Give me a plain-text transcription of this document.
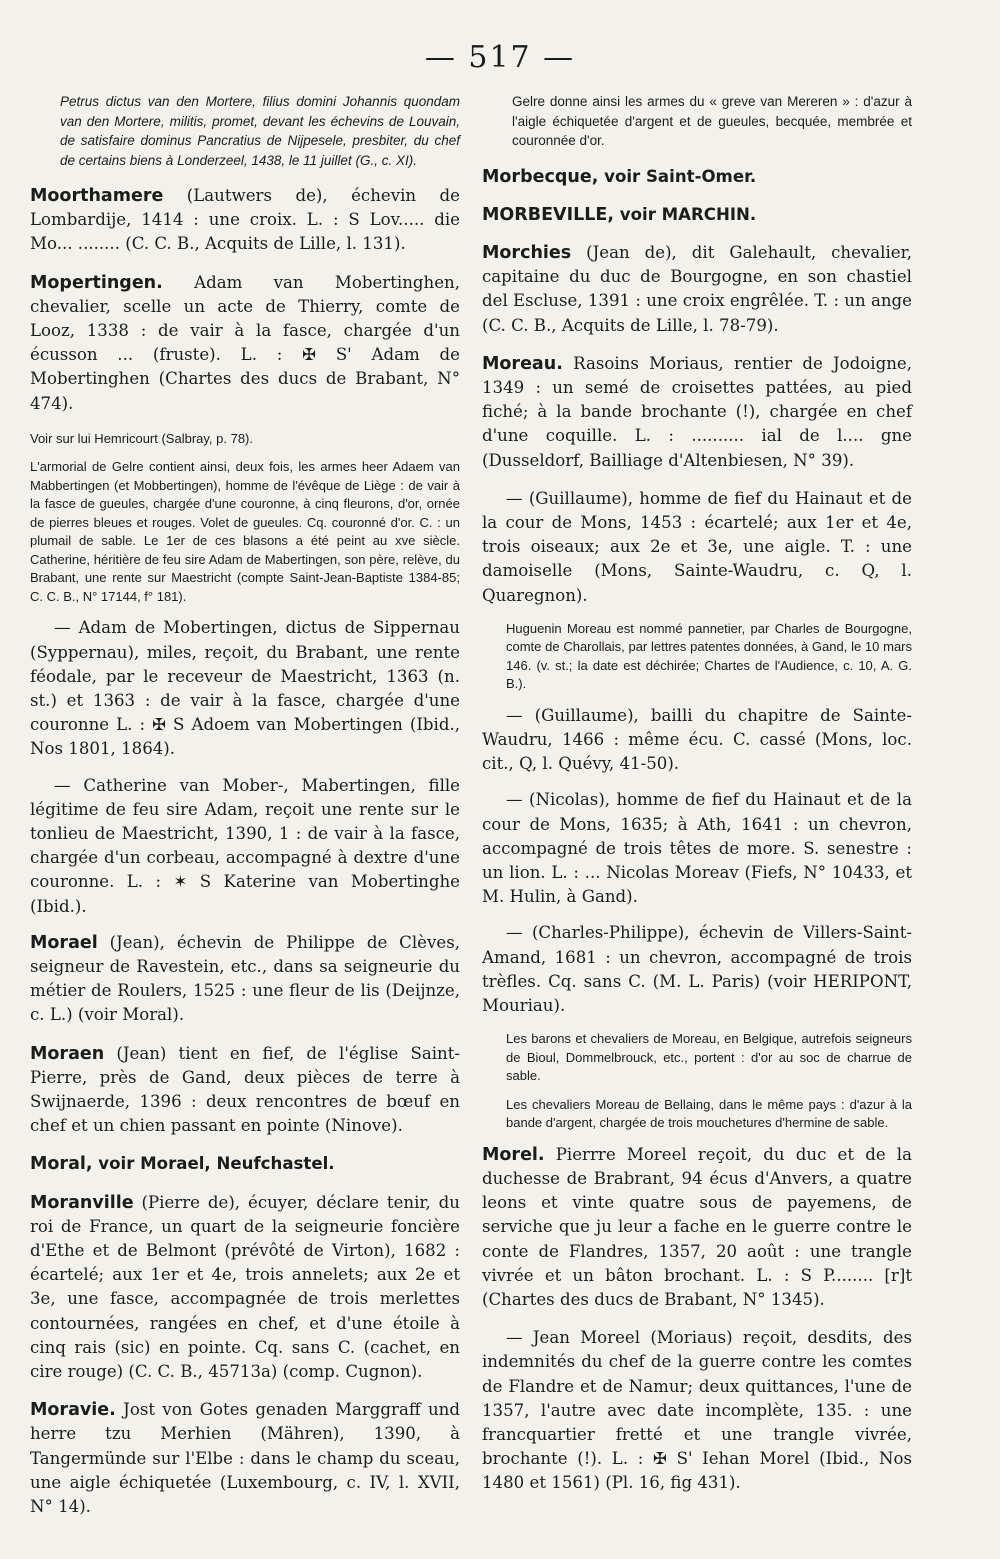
— 517 —
Petrus dictus van den Mortere, filius domini Johannis quondam van den Mortere, militis, promet, devant les échevins de Louvain, de satisfaire dominus Pancratius de Nijpesele, presbiter, du chef de certains biens à Londerzeel, 1438, le 11 juillet (G., c. XI).
Moorthamere (Lautwers de), échevin de Lombardije, 1414 : une croix. L. : S Lov..... die Mo... ........ (C. C. B., Acquits de Lille, l. 131).
Mopertingen. Adam van Mobertinghen, chevalier, scelle un acte de Thierry, comte de Looz, 1338 : de vair à la fasce, chargée d'un écusson ... (fruste). L. : ✠ S' Adam de Mobertinghen (Chartes des ducs de Brabant, N° 474).
Voir sur lui Hemricourt (Salbray, p. 78).
L'armorial de Gelre contient ainsi, deux fois, les armes heer Adaem van Mabbertingen (et Mobbertingen), homme de l'évêque de Liège : de vair à la fasce de gueules, chargée d'une couronne, à cinq fleurons, d'or, ornée de pierres bleues et rouges. Volet de gueules. Cq. couronné d'or. C. : un plumail de sable. Le 1er de ces blasons a été peint au xve siècle. Catherine, héritière de feu sire Adam de Mabertingen, son père, relève, du Brabant, une rente sur Maestricht (compte Saint-Jean-Baptiste 1384-85; C. C. B., N° 17144, f° 181).
— Adam de Mobertingen, dictus de Sippernau (Syppernau), miles, reçoit, du Brabant, une rente féodale, par le receveur de Maestricht, 1363 (n. st.) et 1363 : de vair à la fasce, chargée d'une couronne L. : ✠ S Adoem van Mobertingen (Ibid., Nos 1801, 1864).
— Catherine van Mober-, Mabertingen, fille légitime de feu sire Adam, reçoit une rente sur le tonlieu de Maestricht, 1390, 1 : de vair à la fasce, chargée d'un corbeau, accompagné à dextre d'une couronne. L. : ✶ S Katerine van Mobertinghe (Ibid.).
Morael (Jean), échevin de Philippe de Clèves, seigneur de Ravestein, etc., dans sa seigneurie du métier de Roulers, 1525 : une fleur de lis (Deijnze, c. L.) (voir Moral).
Moraen (Jean) tient en fief, de l'église Saint-Pierre, près de Gand, deux pièces de terre à Swijnaerde, 1396 : deux rencontres de bœuf en chef et un chien passant en pointe (Ninove).
Moral, voir Morael, Neufchastel.
Moranville (Pierre de), écuyer, déclare tenir, du roi de France, un quart de la seigneurie foncière d'Ethe et de Belmont (prévôté de Virton), 1682 : écartelé; aux 1er et 4e, trois annelets; aux 2e et 3e, une fasce, accompagnée de trois merlettes contournées, rangées en chef, et d'une étoile à cinq rais (sic) en pointe. Cq. sans C. (cachet, en cire rouge) (C. C. B., 45713a) (comp. Cugnon).
Moravie. Jost von Gotes genaden Marggraff und herre tzu Merhien (Mähren), 1390, à Tangermünde sur l'Elbe : dans le champ du sceau, une aigle échiquetée (Luxembourg, c. IV, l. XVII, N° 14).
Gelre donne ainsi les armes du « greve van Mereren » : d'azur à l'aigle échiquetée d'argent et de gueules, becquée, membrée et couronnée d'or.
Morbecque, voir Saint-Omer.
MORBEVILLE, voir MARCHIN.
Morchies (Jean de), dit Galehault, chevalier, capitaine du duc de Bourgogne, en son chastiel del Escluse, 1391 : une croix engrêlée. T. : un ange (C. C. B., Acquits de Lille, l. 78-79).
Moreau. Rasoins Moriaus, rentier de Jodoigne, 1349 : un semé de croisettes pattées, au pied fiché; à la bande brochante (!), chargée en chef d'une coquille. L. : .......... ial de l.... gne (Dusseldorf, Bailliage d'Altenbiesen, N° 39).
— (Guillaume), homme de fief du Hainaut et de la cour de Mons, 1453 : écartelé; aux 1er et 4e, trois oiseaux; aux 2e et 3e, une aigle. T. : une damoiselle (Mons, Sainte-Waudru, c. Q, l. Quaregnon).
Huguenin Moreau est nommé pannetier, par Charles de Bourgogne, comte de Charollais, par lettres patentes données, à Gand, le 10 mars 146. (v. st.; la date est déchirée; Chartes de l'Audience, c. 10, A. G. B.).
— (Guillaume), bailli du chapitre de Sainte-Waudru, 1466 : même écu. C. cassé (Mons, loc. cit., Q, l. Quévy, 41-50).
— (Nicolas), homme de fief du Hainaut et de la cour de Mons, 1635; à Ath, 1641 : un chevron, accompagné de trois têtes de more. S. senestre : un lion. L. : ... Nicolas Moreav (Fiefs, N° 10433, et M. Hulin, à Gand).
— (Charles-Philippe), échevin de Villers-Saint-Amand, 1681 : un chevron, accompagné de trois trèfles. Cq. sans C. (M. L. Paris) (voir HERIPONT, Mouriau).
Les barons et chevaliers de Moreau, en Belgique, autrefois seigneurs de Bioul, Dommelbrouck, etc., portent : d'or au soc de charrue de sable.
Les chevaliers Moreau de Bellaing, dans le même pays : d'azur à la bande d'argent, chargée de trois mouchetures d'hermine de sable.
Morel. Pierrre Moreel reçoit, du duc et de la duchesse de Brabrant, 94 écus d'Anvers, a quatre leons et vinte quatre sous de payemens, de serviche que ju leur a fache en le guerre contre le conte de Flandres, 1357, 20 août : une trangle vivrée et un bâton brochant. L. : S P........ [r]t (Chartes des ducs de Brabant, N° 1345).
— Jean Moreel (Moriaus) reçoit, desdits, des indemnités du chef de la guerre contre les comtes de Flandre et de Namur; deux quittances, l'une de 1357, l'autre avec date incomplète, 135. : une francquartier fretté et une trangle vivrée, brochante (!). L. : ✠ S' Iehan Morel (Ibid., Nos 1480 et 1561) (Pl. 16, fig 431).
